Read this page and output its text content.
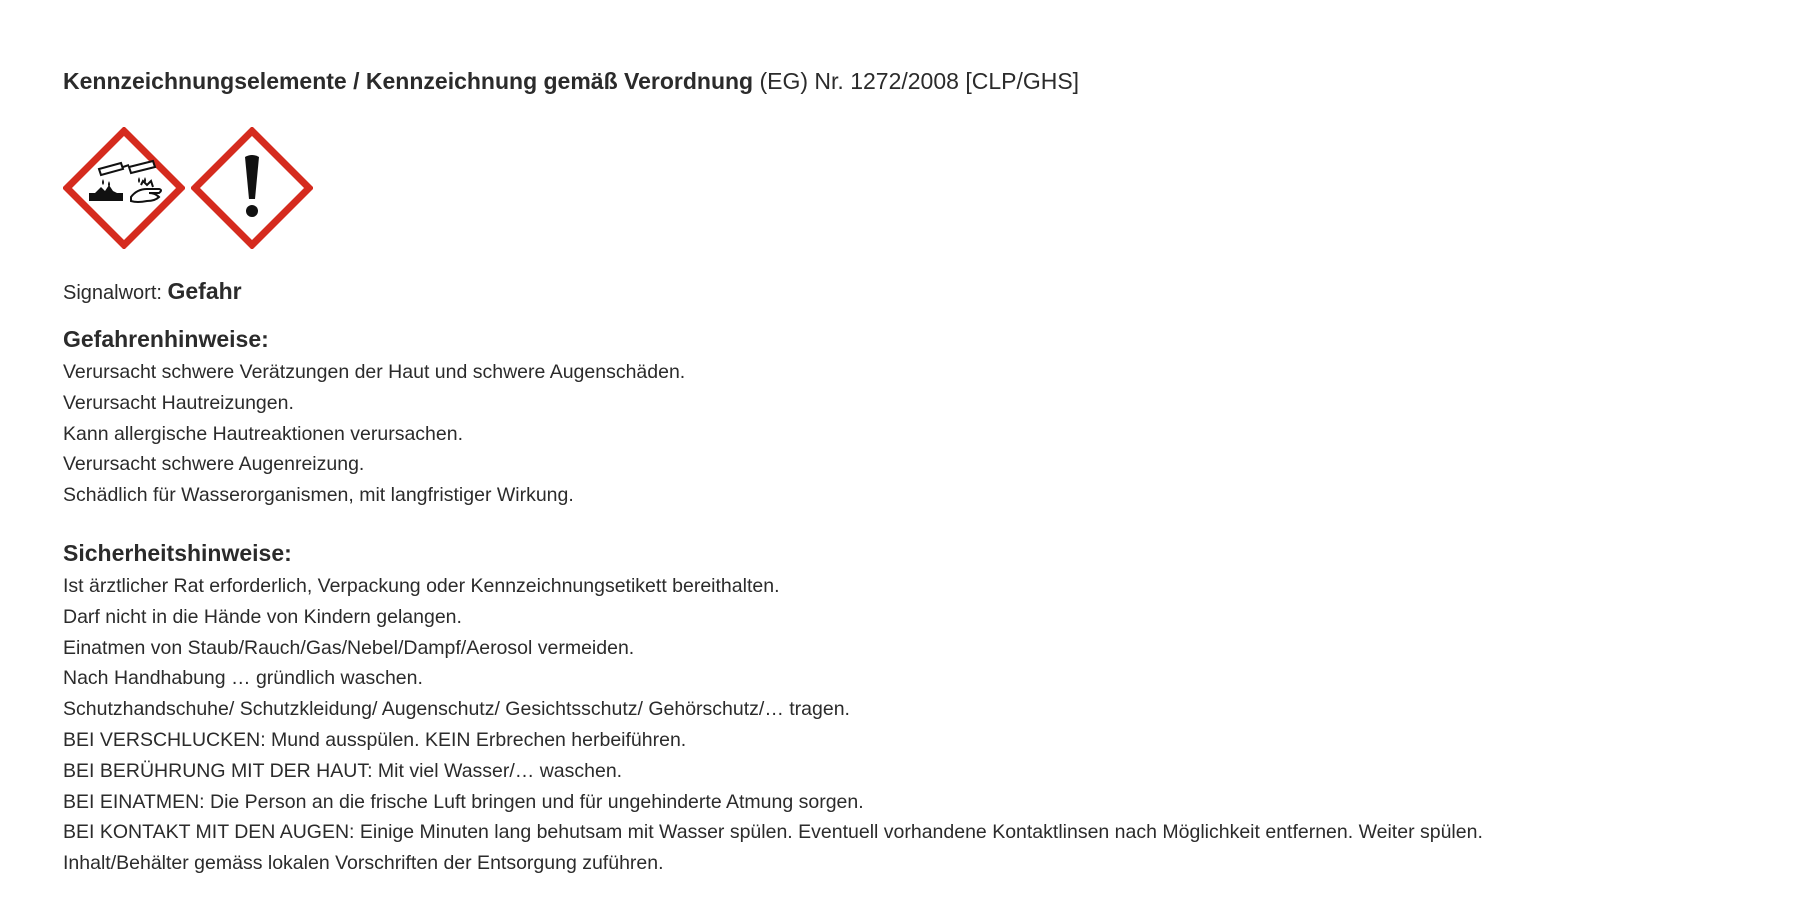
Kennzeichnungselemente / Kennzeichnung gemäß Verordnung (EG) Nr. 1272/2008 [CLP/GHS]
Signalwort: Gefahr
Gefahrenhinweise:
Verursacht schwere Verätzungen der Haut und schwere Augenschäden.
Verursacht Hautreizungen.
Kann allergische Hautreaktionen verursachen.
Verursacht schwere Augenreizung.
Schädlich für Wasserorganismen, mit langfristiger Wirkung.
Sicherheitshinweise:
Ist ärztlicher Rat erforderlich, Verpackung oder Kennzeichnungsetikett bereithalten.
Darf nicht in die Hände von Kindern gelangen.
Einatmen von Staub/Rauch/Gas/Nebel/Dampf/Aerosol vermeiden.
Nach Handhabung … gründlich waschen.
Schutzhandschuhe/ Schutzkleidung/ Augenschutz/ Gesichtsschutz/ Gehörschutz/… tragen.
BEI VERSCHLUCKEN: Mund ausspülen. KEIN Erbrechen herbeiführen.
BEI BERÜHRUNG MIT DER HAUT: Mit viel Wasser/… waschen.
BEI EINATMEN: Die Person an die frische Luft bringen und für ungehinderte Atmung sorgen.
BEI KONTAKT MIT DEN AUGEN: Einige Minuten lang behutsam mit Wasser spülen. Eventuell vorhandene Kontaktlinsen nach Möglichkeit entfernen. Weiter spülen.
Inhalt/Behälter gemäss lokalen Vorschriften der Entsorgung zuführen.
